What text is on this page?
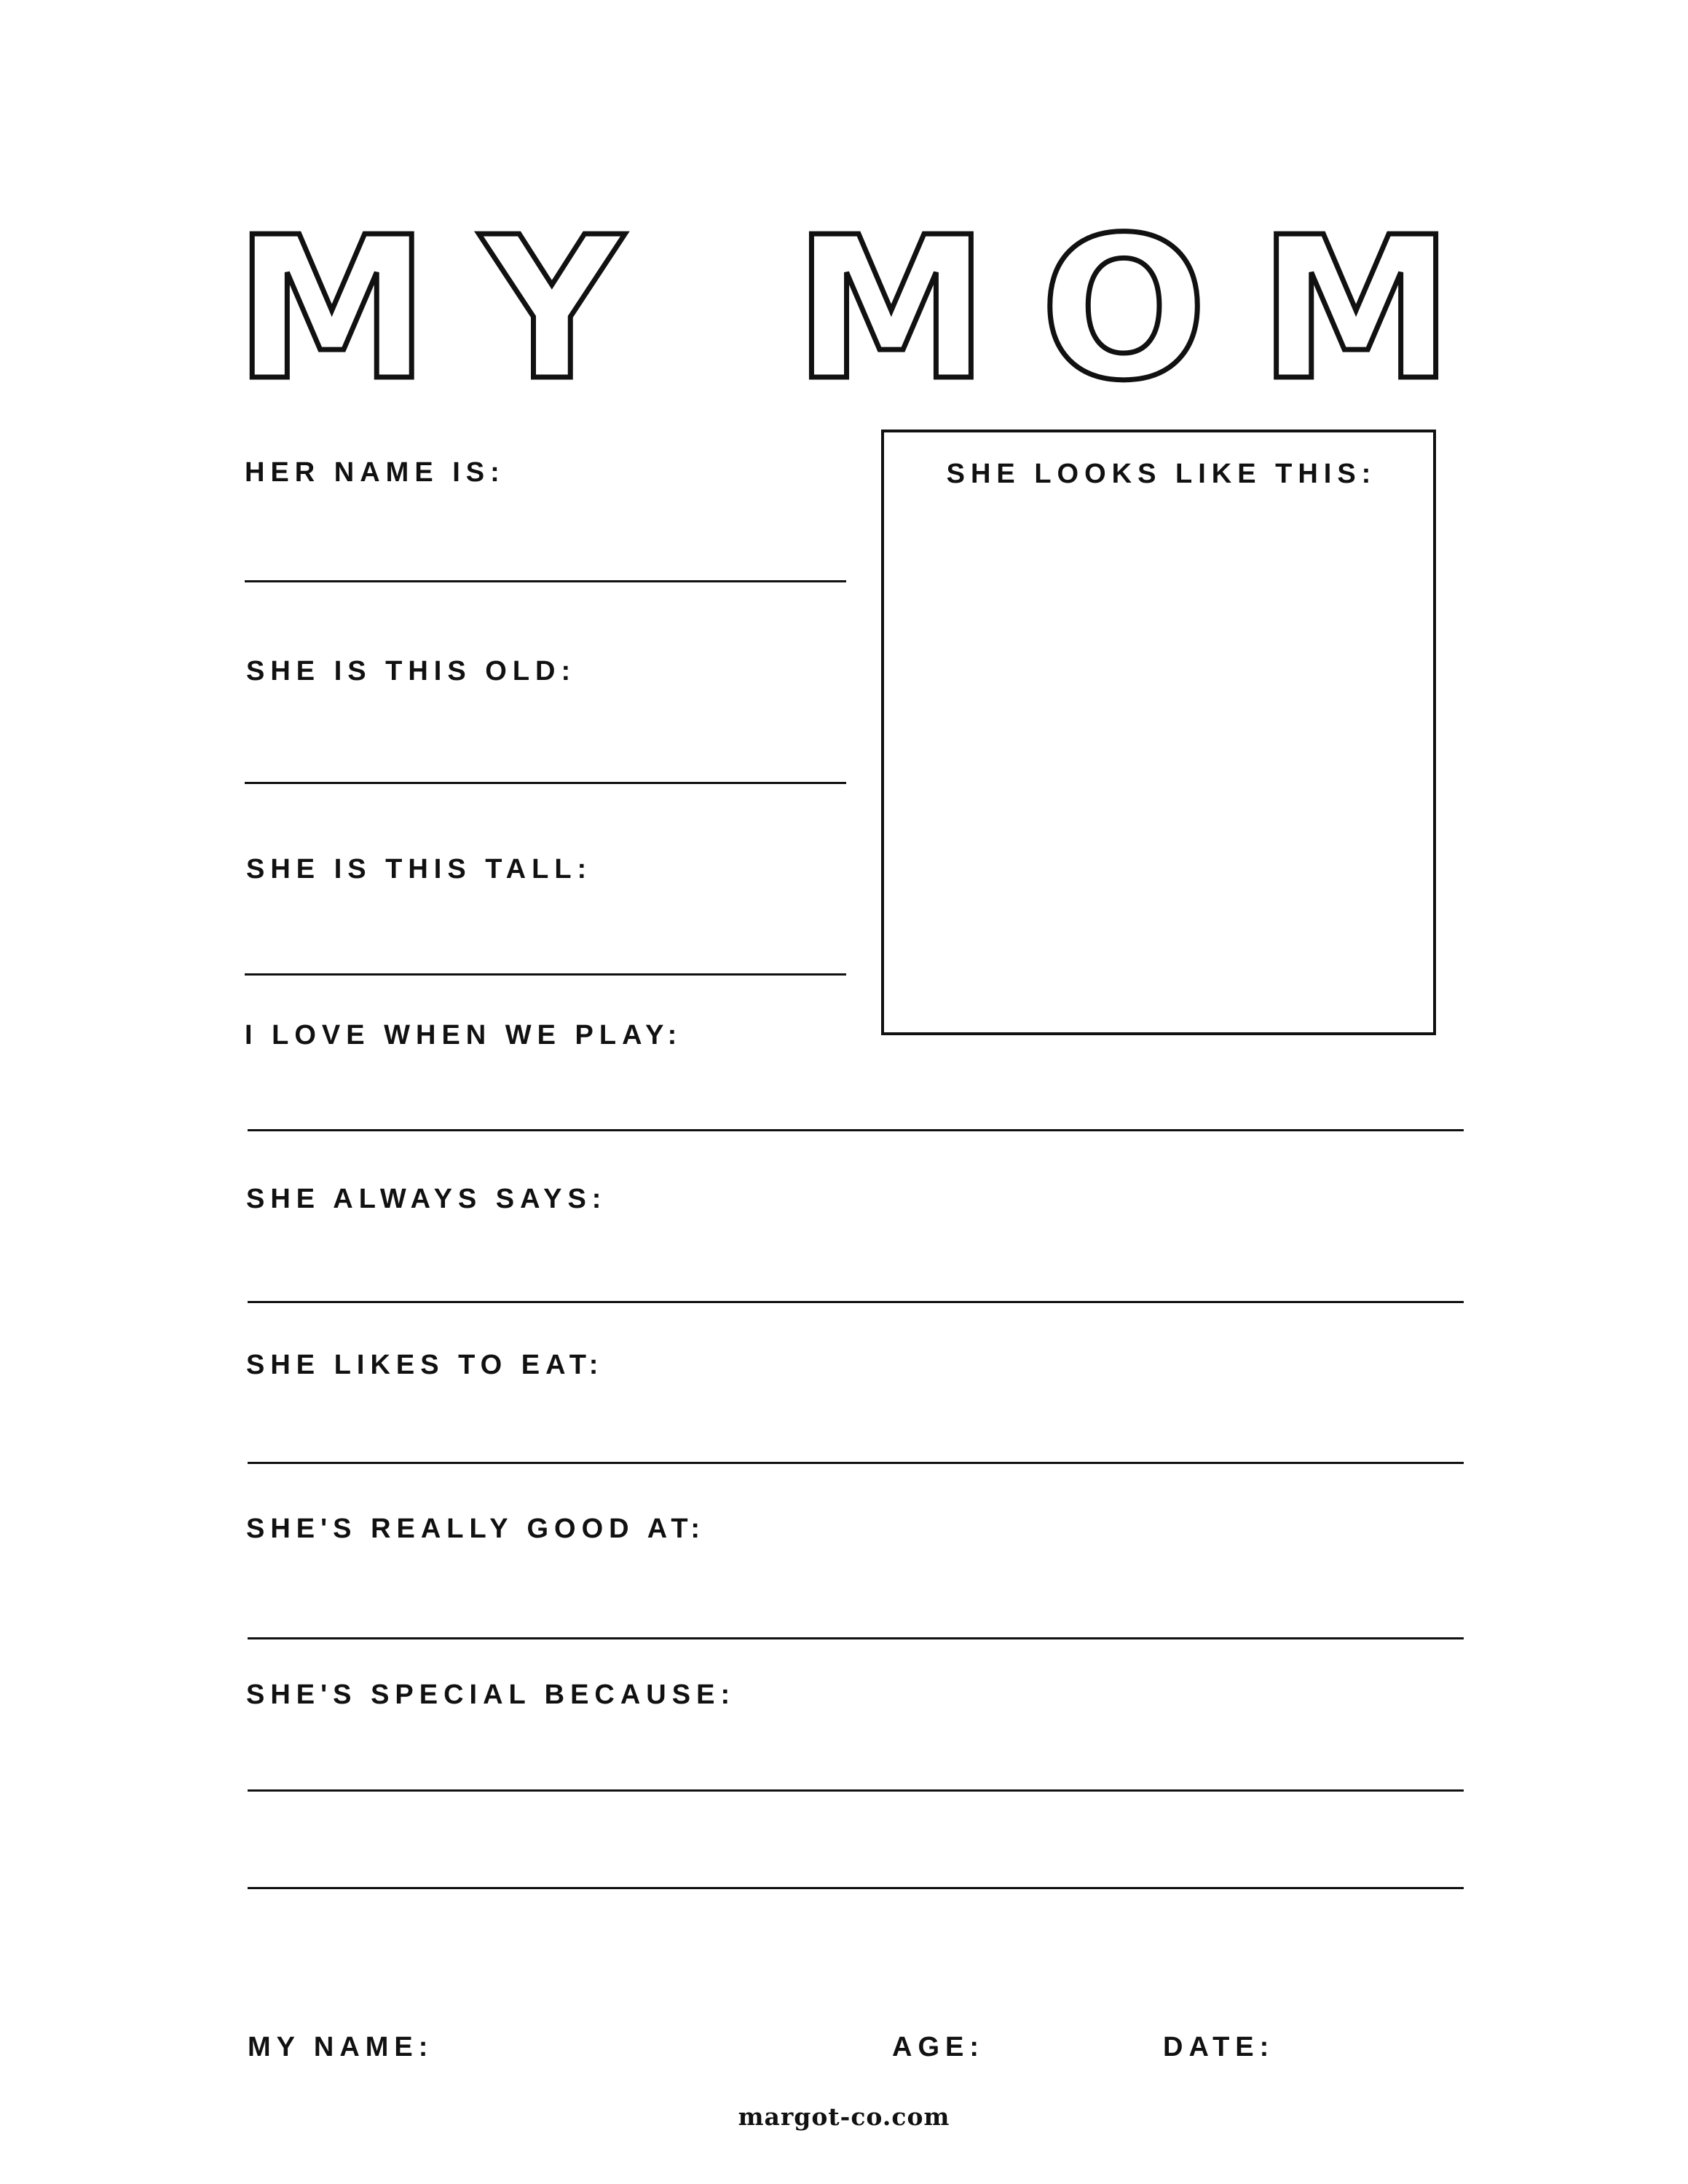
MY MOM
HER NAME IS:
SHE IS THIS OLD:
SHE IS THIS TALL:
SHE LOOKS LIKE THIS:
I LOVE WHEN WE PLAY:
SHE ALWAYS SAYS:
SHE LIKES TO EAT:
SHE'S REALLY GOOD AT:
SHE'S SPECIAL BECAUSE:
MY NAME:	AGE:	DATE:
margot-co.com
